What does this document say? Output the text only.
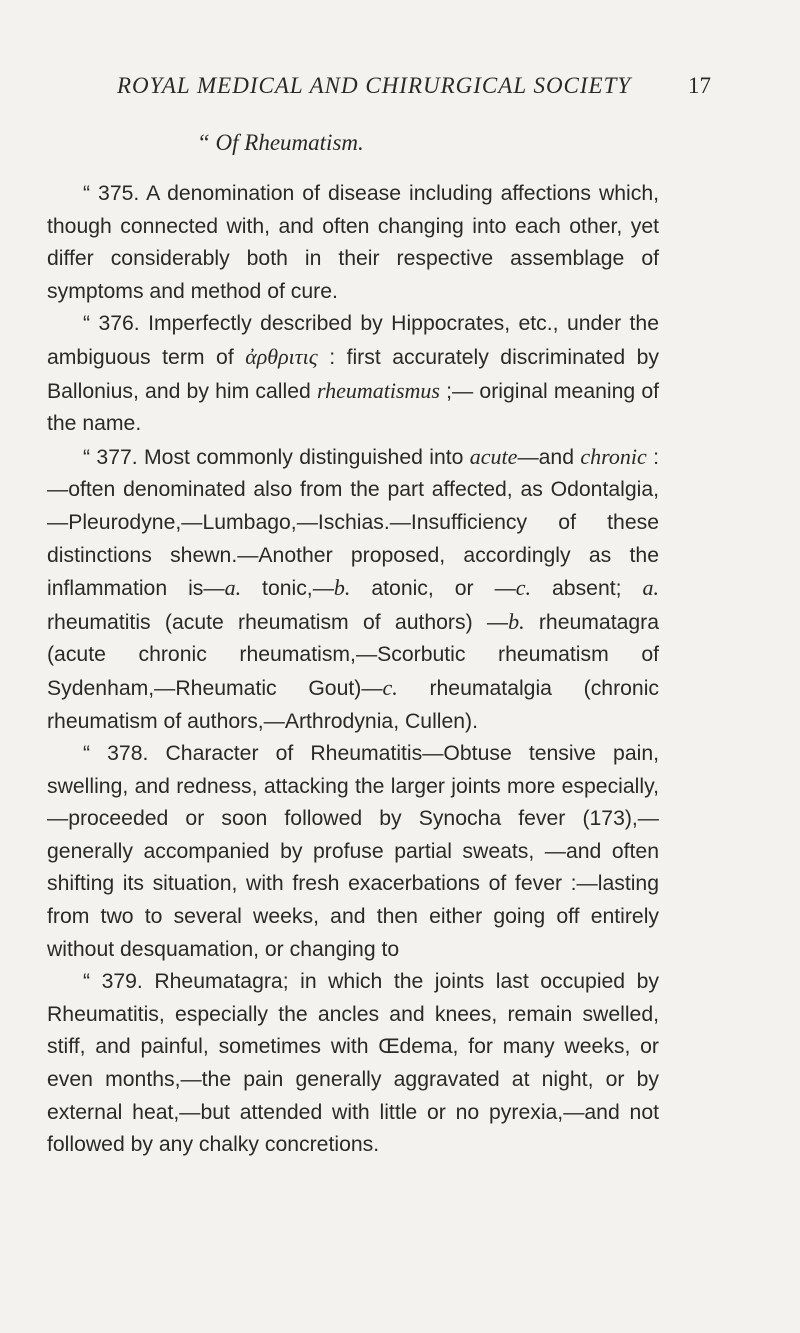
ROYAL MEDICAL AND CHIRURGICAL SOCIETY 17
“ Of Rheumatism.

“ 375. A denomination of disease including affections which, though connected with, and often changing into each other, yet differ considerably both in their respective assemblage of symptoms and method of cure.

“ 376. Imperfectly described by Hippocrates, etc., under the ambiguous term of ἀρθριτις : first accurately discriminated by Ballonius, and by him called rheumatismus ;— original meaning of the name.

“ 377. Most commonly distinguished into acute—and chronic :—often denominated also from the part affected, as Odontalgia,—Pleurodyne,—Lumbago,—Ischias.—Insufficiency of these distinctions shewn.—Another proposed, accordingly as the inflammation is—a. tonic,—b. atonic, or —c. absent; a. rheumatitis (acute rheumatism of authors) —b. rheumatagra (acute chronic rheumatism,—Scorbutic rheumatism of Sydenham,—Rheumatic Gout)—c. rheumatalgia (chronic rheumatism of authors,—Arthrodynia, Cullen).

“ 378. Character of Rheumatitis—Obtuse tensive pain, swelling, and redness, attacking the larger joints more especially,—proceeded or soon followed by Synocha fever (173),—generally accompanied by profuse partial sweats, —and often shifting its situation, with fresh exacerbations of fever :—lasting from two to several weeks, and then either going off entirely without desquamation, or changing to

“ 379. Rheumatagra; in which the joints last occupied by Rheumatitis, especially the ancles and knees, remain swelled, stiff, and painful, sometimes with Œdema, for many weeks, or even months,—the pain generally aggravated at night, or by external heat,—but attended with little or no pyrexia,—and not followed by any chalky concretions.
